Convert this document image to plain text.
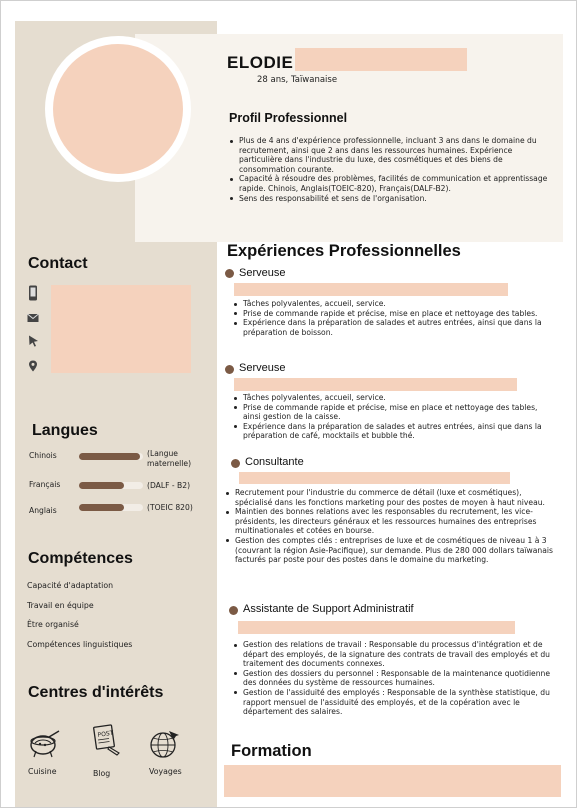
ELODIE
28 ans, Taïwanaise
Profil Professionnel
Plus de 4 ans d'expérience professionnelle, incluant 3 ans dans le domaine du recrutement, ainsi que 2 ans dans les ressources humaines. Expérience particulière dans l'industrie du luxe, des cosmétiques et des biens de consommation courante.
Capacité à résoudre des problèmes, facilités de communication et apprentissage rapide. Chinois, Anglais(TOEIC-820), Français(DALF-B2).
Sens des responsabilité et sens de l'organisation.
Contact
Langues
Chinois	(Langue maternelle)
Français	(DALF - B2)
Anglais	(TOEIC 820)
Compétences
Capacité d'adaptation
Travail en équipe
Être organisé
Compétences linguistiques
Centres d'intérêts
Cuisine
POST
Blog	Voyages
Expériences Professionnelles
Serveuse
Tâches polyvalentes, accueil, service.
Prise de commande rapide et précise, mise en place et nettoyage des tables.
Expérience dans la préparation de salades et autres entrées, ainsi que dans la préparation de boisson.
Serveuse
Tâches polyvalentes, accueil, service.
Prise de commande rapide et précise, mise en place et nettoyage des tables, ainsi gestion de la caisse.
Expérience dans la préparation de salades et autres entrées, ainsi que dans la préparation de café, mocktails et bubble thé.
Consultante
Recrutement pour l'industrie du commerce de détail (luxe et cosmétiques), spécialisé dans les fonctions marketing pour des postes de moyen à haut niveau.
Maintien des bonnes relations avec les responsables du recrutement, les vice-présidents, les directeurs généraux et les ressources humaines des entreprises multinationales et cotées en bourse.
Gestion des comptes clés : entreprises de luxe et de cosmétiques de niveau 1 à 3 (couvrant la région Asie-Pacifique), sur demande. Plus de 280 000 dollars taïwanais facturés par poste pour des postes dans le domaine du marketing.
Assistante de Support Administratif
Gestion des relations de travail : Responsable du processus d'intégration et de départ des employés, de la signature des contrats de travail des employés et du traitement des documents connexes.
Gestion des dossiers du personnel : Responsable de la maintenance quotidienne des données du système de ressources humaines.
Gestion de l'assiduité des employés : Responsable de la synthèse statistique, du rapport mensuel de l'assiduité des employés, et de la copération avec le département des salaires.
Formation
